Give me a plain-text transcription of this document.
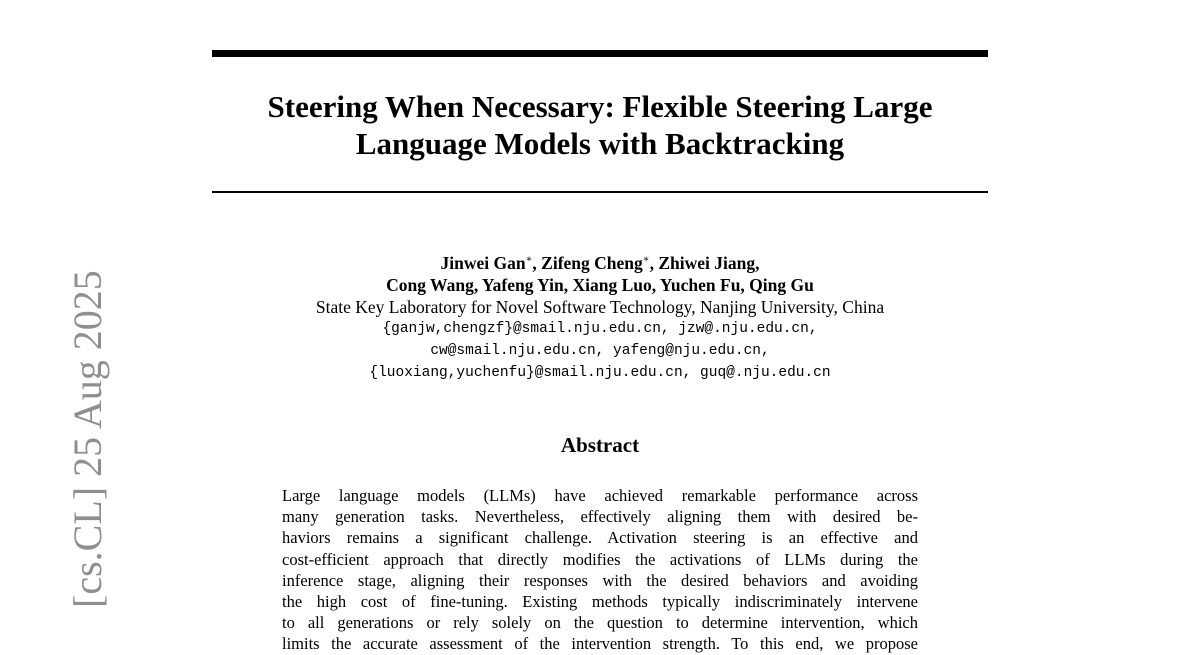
Steering When Necessary: Flexible Steering Large
Language Models with Backtracking
Jinwei Gan∗, Zifeng Cheng∗, Zhiwei Jiang,
Cong Wang, Yafeng Yin, Xiang Luo, Yuchen Fu, Qing Gu
State Key Laboratory for Novel Software Technology, Nanjing University, China
{ganjw,chengzf}@smail.nju.edu.cn, jzw@.nju.edu.cn,
cw@smail.nju.edu.cn, yafeng@nju.edu.cn,
{luoxiang,yuchenfu}@smail.nju.edu.cn, guq@.nju.edu.cn
Abstract
Large language models (LLMs) have achieved remarkable performance across
many generation tasks. Nevertheless, effectively aligning them with desired be-
haviors remains a significant challenge. Activation steering is an effective and
cost-efficient approach that directly modifies the activations of LLMs during the
inference stage, aligning their responses with the desired behaviors and avoiding
the high cost of fine-tuning. Existing methods typically indiscriminately intervene
to all generations or rely solely on the question to determine intervention, which
limits the accurate assessment of the intervention strength. To this end, we propose
[cs.CL] 25 Aug 2025
